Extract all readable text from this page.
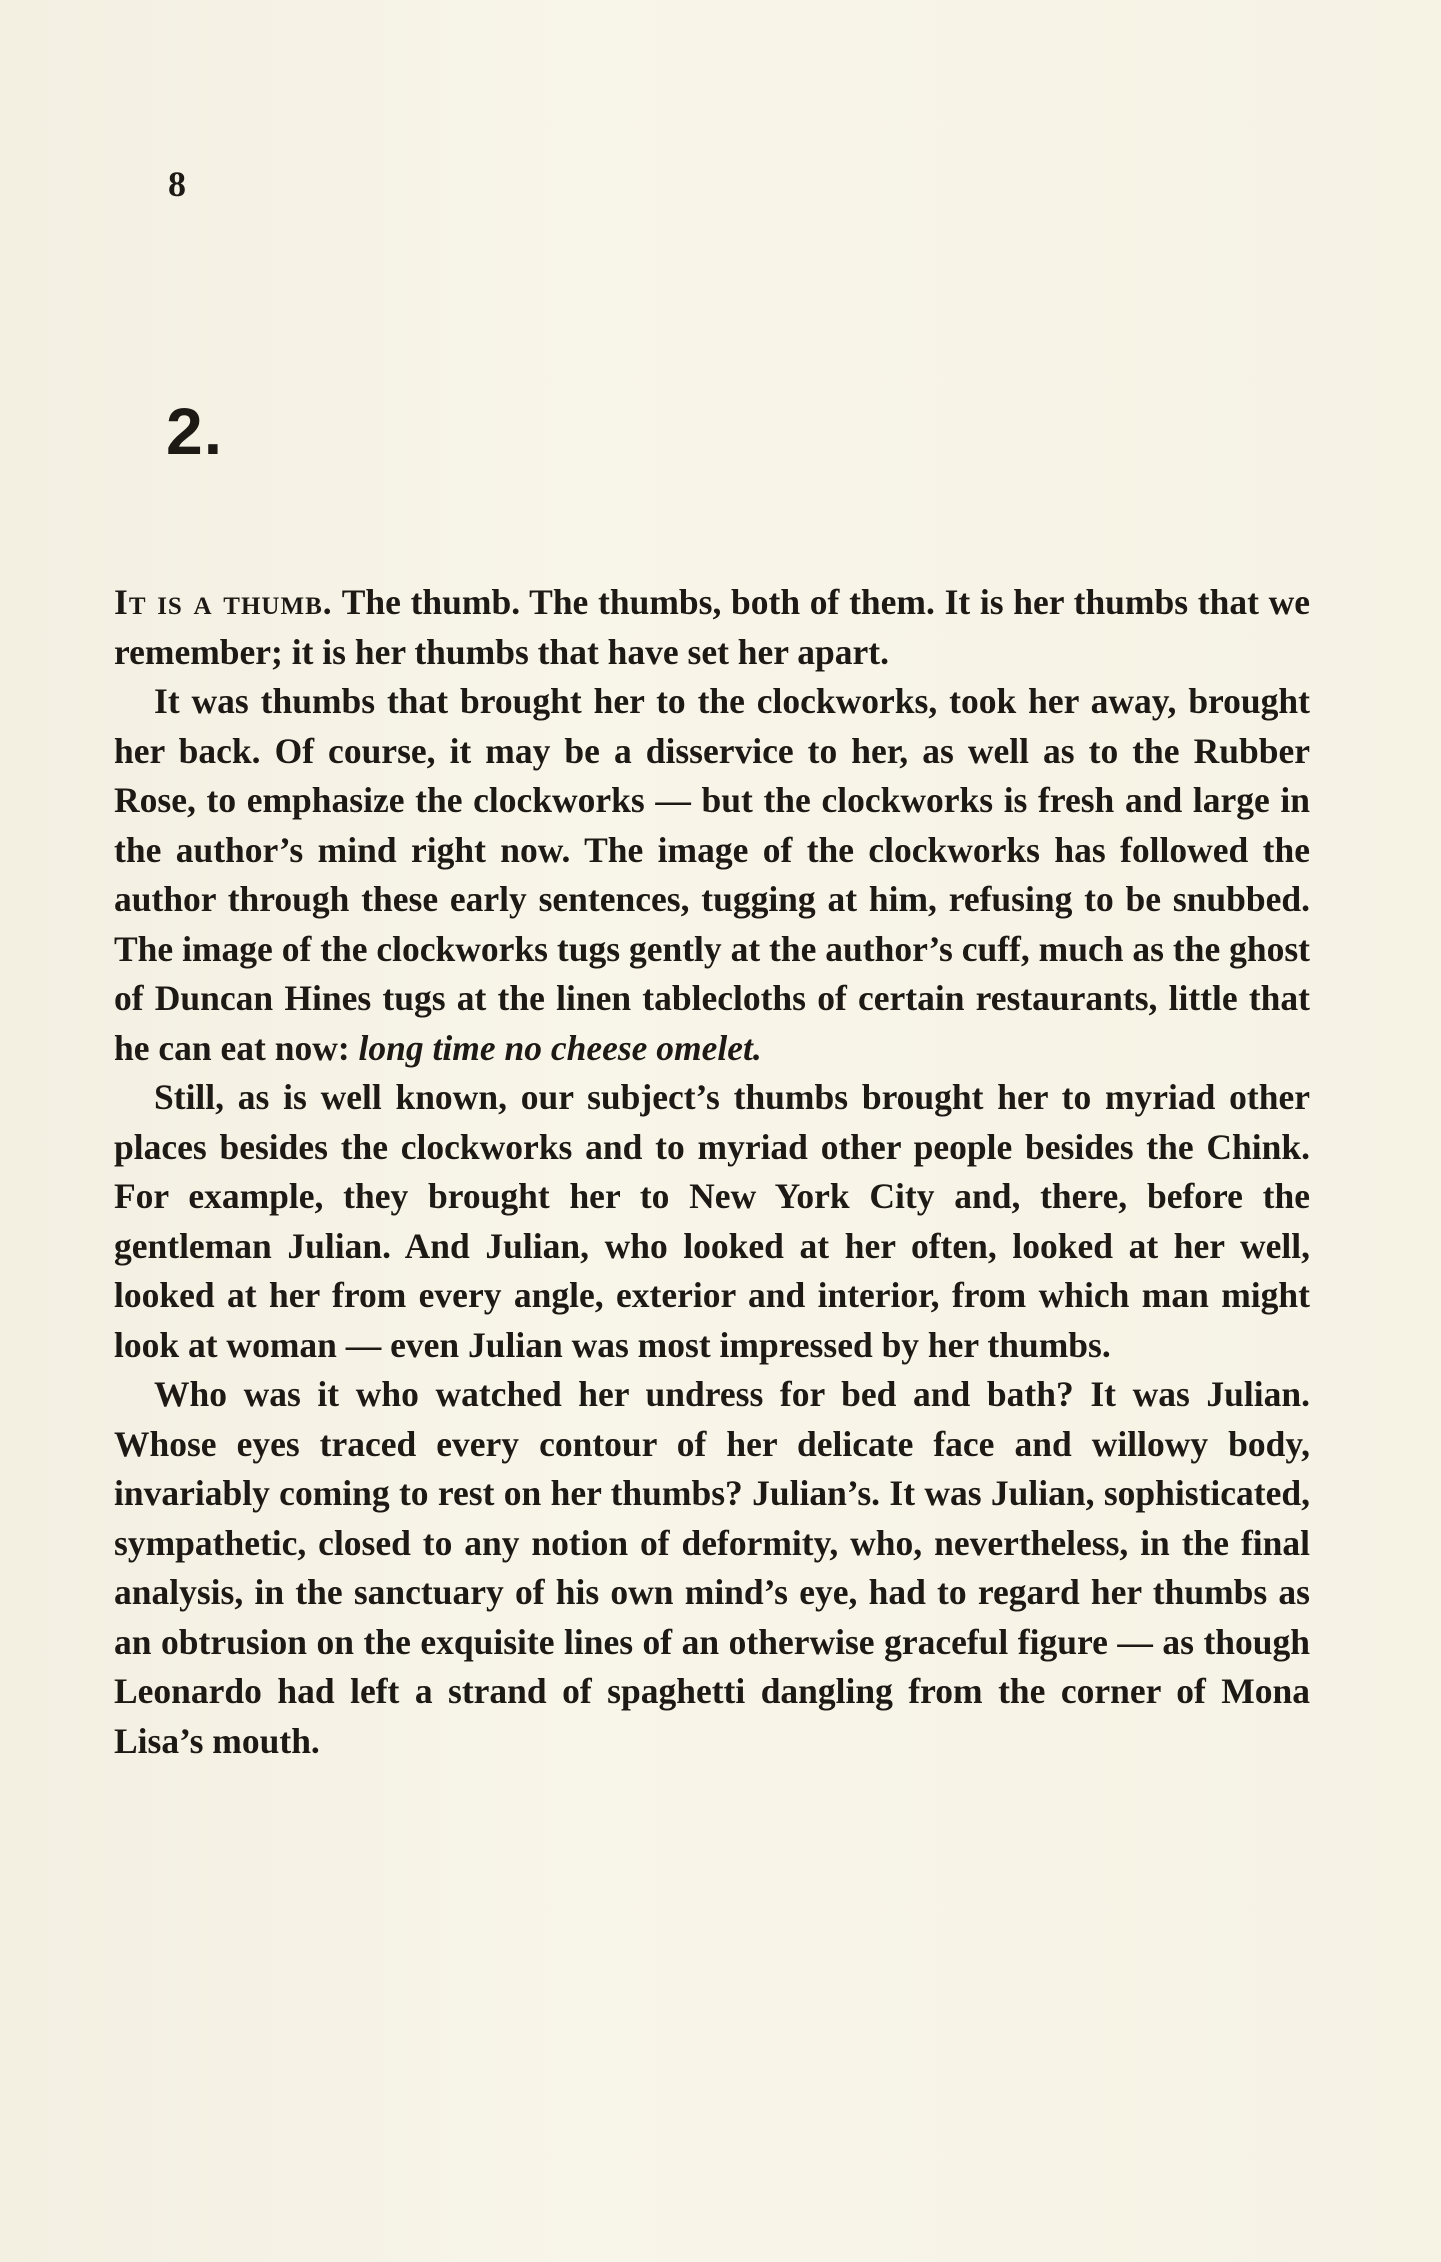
8
2.

It is a thumb. The thumb. The thumbs, both of them. It is her thumbs that we remember; it is her thumbs that have set her apart.

It was thumbs that brought her to the clockworks, took her away, brought her back. Of course, it may be a disservice to her, as well as to the Rubber Rose, to emphasize the clockworks — but the clockworks is fresh and large in the author’s mind right now. The image of the clockworks has followed the author through these early sentences, tugging at him, refusing to be snubbed. The image of the clockworks tugs gently at the author’s cuff, much as the ghost of Duncan Hines tugs at the linen tablecloths of certain restaurants, little that he can eat now: long time no cheese omelet.

Still, as is well known, our subject’s thumbs brought her to myriad other places besides the clockworks and to myriad other people besides the Chink. For example, they brought her to New York City and, there, before the gentleman Julian. And Julian, who looked at her often, looked at her well, looked at her from every angle, exterior and interior, from which man might look at woman — even Julian was most impressed by her thumbs.

Who was it who watched her undress for bed and bath? It was Julian. Whose eyes traced every contour of her delicate face and willowy body, invariably coming to rest on her thumbs? Julian’s. It was Julian, sophisticated, sympathetic, closed to any notion of deformity, who, nevertheless, in the final analysis, in the sanctuary of his own mind’s eye, had to regard her thumbs as an obtrusion on the exquisite lines of an otherwise graceful figure — as though Leonardo had left a strand of spaghetti dangling from the corner of Mona Lisa’s mouth.
